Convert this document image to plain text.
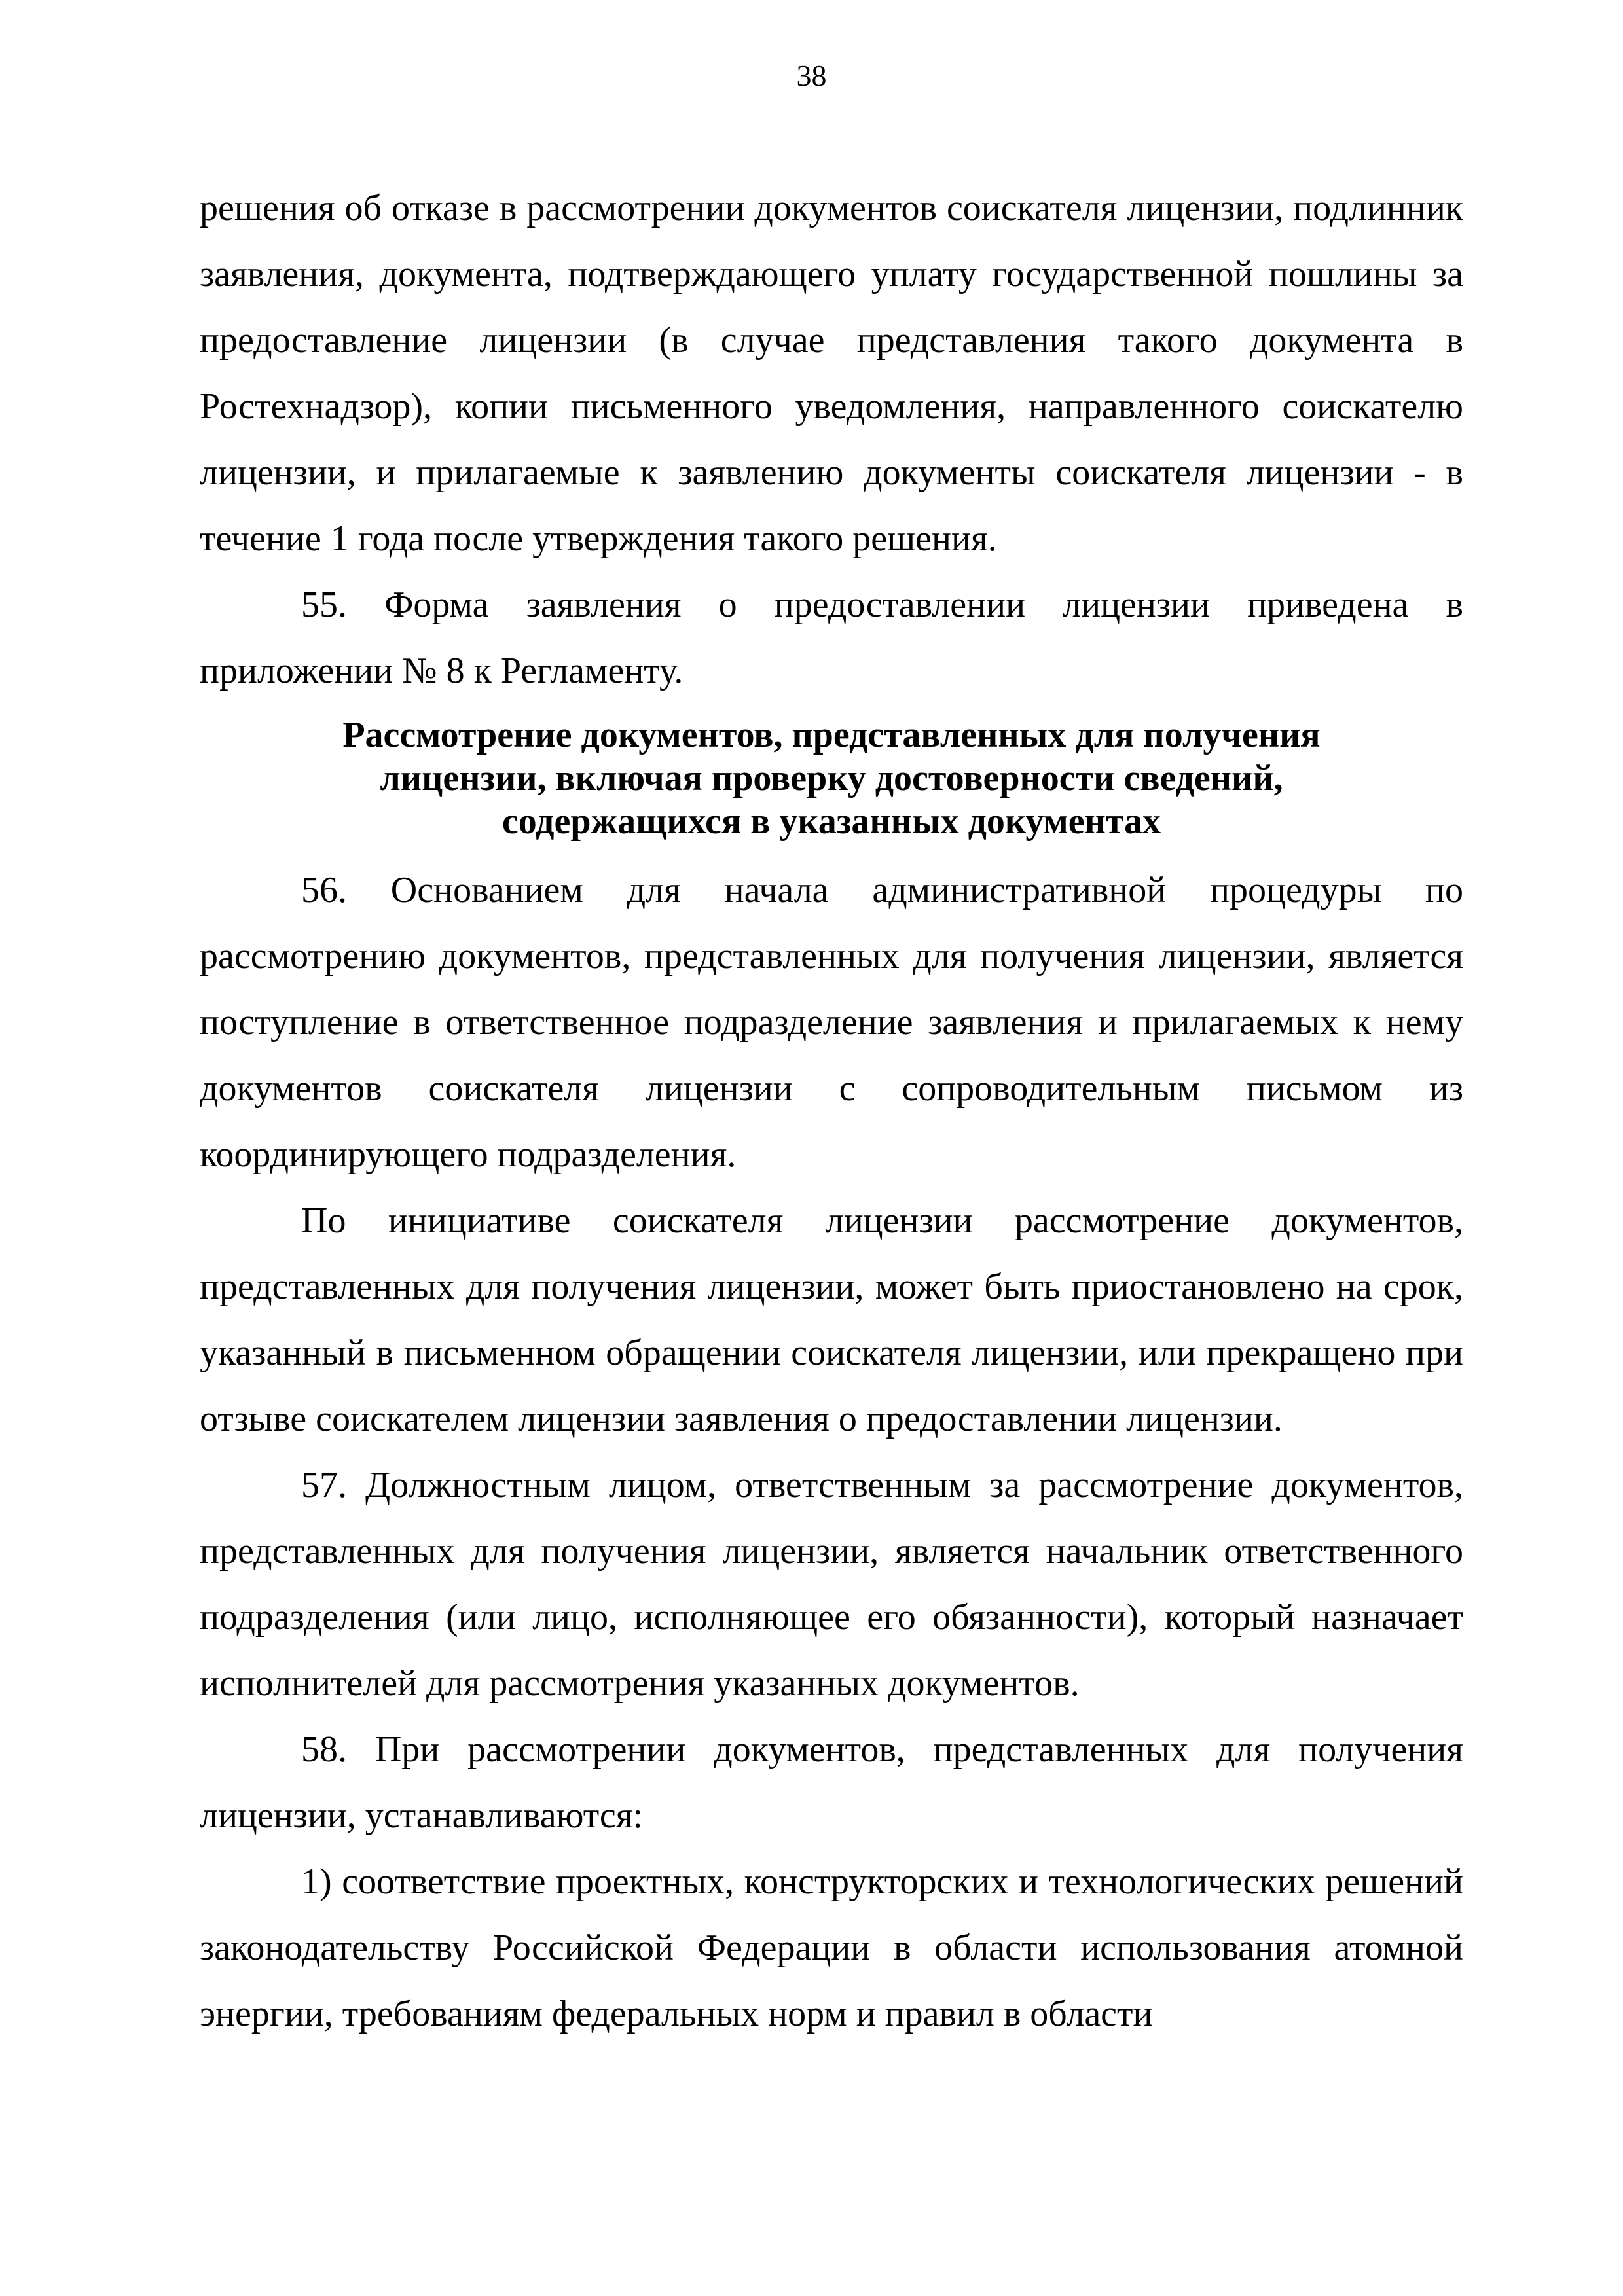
38

решения об отказе в рассмотрении документов соискателя лицензии, подлинник заявления, документа, подтверждающего уплату государственной пошлины за предоставление лицензии (в случае представления такого документа в Ростехнадзор), копии письменного уведомления, направленного соискателю лицензии, и прилагаемые к заявлению документы соискателя лицензии - в течение 1 года после утверждения такого решения.

55. Форма заявления о предоставлении лицензии приведена в приложении № 8 к Регламенту.

Рассмотрение документов, представленных для получения лицензии, включая проверку достоверности сведений, содержащихся в указанных документах

56. Основанием для начала административной процедуры по рассмотрению документов, представленных для получения лицензии, является поступление в ответственное подразделение заявления и прилагаемых к нему документов соискателя лицензии с сопроводительным письмом из координирующего подразделения.

По инициативе соискателя лицензии рассмотрение документов, представленных для получения лицензии, может быть приостановлено на срок, указанный в письменном обращении соискателя лицензии, или прекращено при отзыве соискателем лицензии заявления о предоставлении лицензии.

57. Должностным лицом, ответственным за рассмотрение документов, представленных для получения лицензии, является начальник ответственного подразделения (или лицо, исполняющее его обязанности), который назначает исполнителей для рассмотрения указанных документов.

58. При рассмотрении документов, представленных для получения лицензии, устанавливаются:

1) соответствие проектных, конструкторских и технологических решений законодательству Российской Федерации в области использования атомной энергии, требованиям федеральных норм и правил в области
